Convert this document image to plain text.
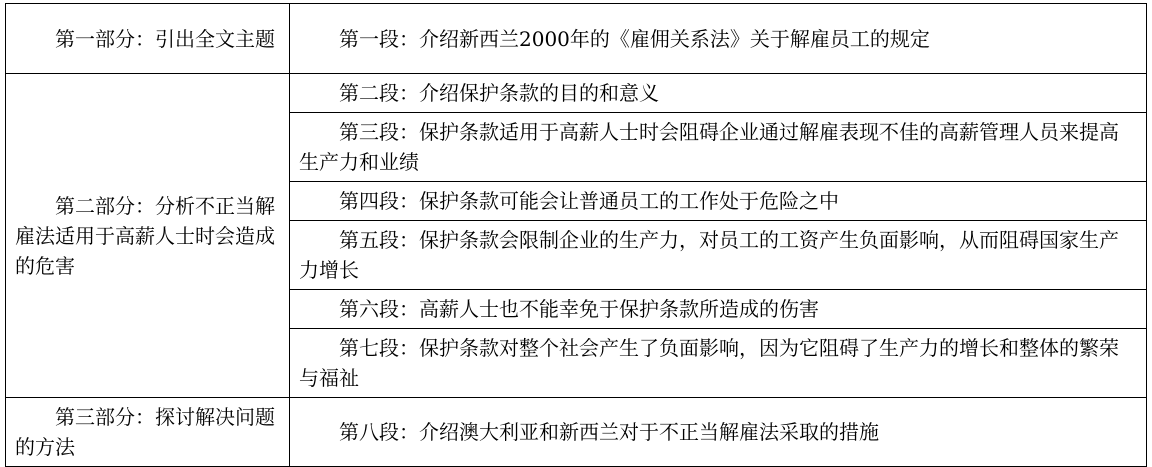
第一部分：引出全文主题	第一段：介绍新西兰2000年的《雇佣关系法》关于解雇员工的规定
第二部分：分析不正当解雇法适用于高薪人士时会造成的危害	第二段：介绍保护条款的目的和意义
	第三段：保护条款适用于高薪人士时会阻碍企业通过解雇表现不佳的高薪管理人员来提高生产力和业绩
	第四段：保护条款可能会让普通员工的工作处于危险之中
	第五段：保护条款会限制企业的生产力，对员工的工资产生负面影响，从而阻碍国家生产力增长
	第六段：高薪人士也不能幸免于保护条款所造成的伤害
	第七段：保护条款对整个社会产生了负面影响，因为它阻碍了生产力的增长和整体的繁荣与福祉
第三部分：探讨解决问题的方法	第八段：介绍澳大利亚和新西兰对于不正当解雇法采取的措施
